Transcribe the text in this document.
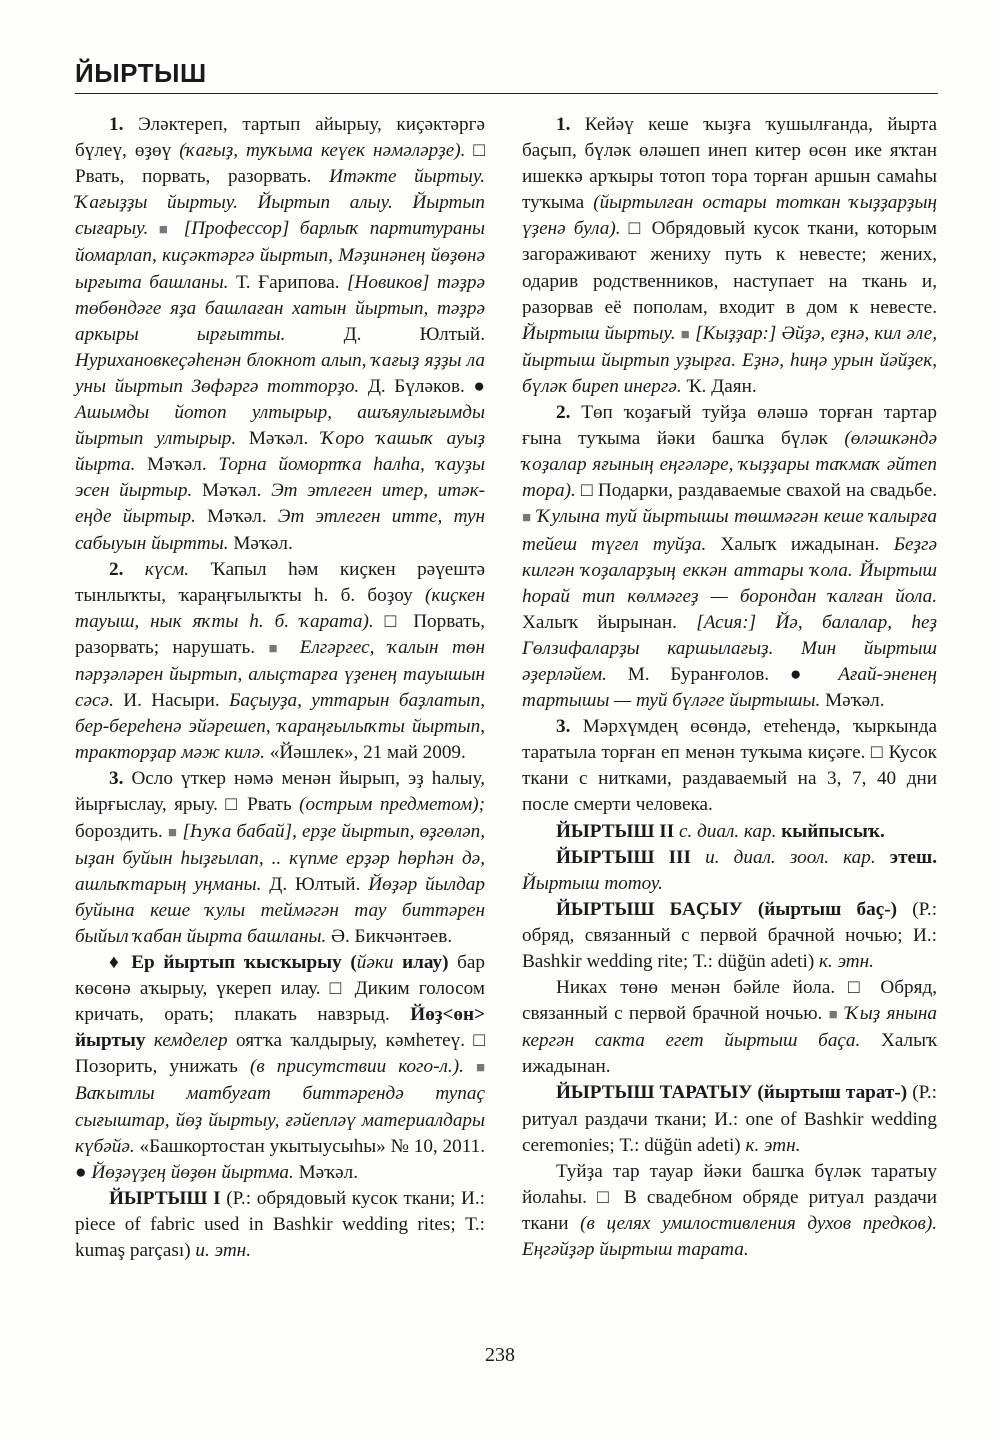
ЙЫРТЫШ

1. Эләктереп, тартып айырыу, киҫәктәргә бүлеү, өҙөү (ҡағыҙ, туҡыма кеүек нәмәләрҙе). □ Рвать, порвать, разорвать. Итәкте йыртыу. Ҡағыҙҙы йыртыу. Йыртып алыу. Йыртып сығарыу. ■ [Профессор] барлыҡ партитураны йомарлап, киҫәктәргә йыртып, Мәҙинәнең йөҙөнә ырғыта башланы. Т. Ғарипова. [Новиков] тәҙрә төбөндәге яҙа башлаған хатын йыртып, тәҙрә аркыры ырғытты.	Д. Юлтый. Нурихановкеҫәһенән блокнот алып, ҡағыҙ яҙҙы ла уны йыртып Зөфәргә тотторҙо. Д. Бүләков. ● Ашымды йотоп ултырыр, ашъяулығымды йыртып ултырыр. Мәҡәл. Ҡоро ҡашыҡ ауыҙ йырта. Мәҡәл. Торна йомортҡа һалһа, ҡауҙы эсен йыртыр. Мәҡәл. Эт этлеген итер, итәк-еңде йыртыр. Мәҡәл. Эт этлеген итте, тун сабыуын йыртты. Мәҡәл.

2. күсм. Ҡапыл һәм киҫкен рәүештә тынлыҡты, ҡараңғылыҡты һ. б. боҙоу (киҫкен тауыш, нык яҡты һ. б. ҡарата). □ Порвать, разорвать; нарушать. ■ Елгәргес, ҡалын төн пәрҙәләрен йыртып, алыҫтарға үҙенең тауышын сәсә. И. Насыри. Баҫыуҙа, уттарын баҙлатып, бер-береһенә эйәрешеп, ҡараңғылыҡты йыртып, тракторҙар мәж килә. «Йәшлек», 21 май 2009.

3. Осло үткер нәмә менән йырып, эҙ һалыу, йырғыслау, ярыу. □ Рвать (острым предметом); бороздить. ■ [Һуҡа бабай], ерҙе йыртып, өҙгөләп, ыҙан буйын һыҙғылап, .. күпме ерҙәр һөрһән дә, ашлыҡтарың уңманы. Д. Юлтый. Йөҙәр йылдар буйына кеше ҡулы теймәгән тау биттәрен быйыл ҡабан йырта башланы. Ә. Бикчәнтәев.

♦ Ер йыртып ҡысҡырыу (йәки илау) бар көсөнә аҡырыу, үкереп илау. □ Диким голосом кричать, орать; плакать навзрыд. Йөҙ<өн> йыртыу кемделер оятҡа ҡалдырыу, кәмһетеү. □ Позорить, унижать (в присутствии кого-л.). ■ Ваҡытлы матбуғат биттәрендә тупаҫ сығыштар, йөҙ йыртыу, ғәйепләү материалдары күбәйә. «Башкортостан укытыусыһы» № 10, 2011. ● Йөҙәүҙең йөҙөн йыртма. Мәҡәл.

ЙЫРТЫШ I (Р.: обрядовый кусок ткани; И.: piece of fabric used in Bashkir wedding rites; Т.: kumaş parçası) и. этн.

1. Кейәү кеше ҡыҙға ҡушылғанда, йырта баҫып, бүләк өләшеп инеп китер өсөн ике яҡтан ишеккә арҡыры тотоп тора торған аршын самаһы туҡыма (йыртылған остары тоткан ҡыҙҙарҙың үҙенә була). □ Обрядовый кусок ткани, которым загораживают жениху путь к невесте; жених, одарив родственников, наступает на ткань и, разорвав её пополам, входит в дом к невесте. Йыртыш йыртыу. ■ [Кыҙҙар:] Әйҙә, еҙнә, кил әле, йыртыш йыртып уҙырға. Еҙнә, һиңә урын йәйҙек, бүләк биреп инергә. Ҡ. Даян.

2. Төп ҡоҙағый туйҙа өләшә торған тартар ғына туҡыма йәки башҡа бүләк (өләшкәндә ҡоҙалар яғының еңгәләре, ҡыҙҙары таҡмаҡ әйтеп тора). □ Подарки, раздаваемые свахой на свадьбе. ■ Ҡулына туй йыртышы төшмәгән кеше ҡалырға тейеш түгел туйҙа. Халыҡ ижадынан. Беҙгә килгән ҡоҙаларҙың еккән аттары ҡола. Йыртыш һорай тип көлмәгеҙ — борондан ҡалған йола. Халыҡ йырынан. [Асия:] Йә, балалар, һеҙ Гөлзифаларҙы каршылағыҙ. Мин йыртыш әҙерләйем. М. Буранғолов. ● Ағай-эненең тартышы — туй бүләге йыртышы. Мәҡәл.

3. Мәрхүмдең өсөндә, етеһендә, ҡыркында таратыла торған еп менән туҡыма киҫәге. □ Кусок ткани с нитками, раздаваемый на 3, 7, 40 дни после смерти человека.

ЙЫРТЫШ II с. диал. кар. кыйпысыҡ.

ЙЫРТЫШ III и. диал. зоол. кар. этеш. Йыртыш тотоу.

ЙЫРТЫШ БАҪЫУ (йыртыш баҫ-) (Р.: обряд, связанный с первой брачной ночью; И.: Bashkir wedding rite; Т.: düğün adeti) к. этн.

Никах төнө менән бәйле йола. □ Обряд, связанный с первой брачной ночью. ■ Ҡыҙ янына кергән сакта егет йыртыш баҫа. Халыҡ ижадынан.

ЙЫРТЫШ ТАРАТЫУ (йыртыш тарат-) (Р.: ритуал раздачи ткани; И.: one of Bashkir wedding ceremonies; Т.: düğün adeti) к. этн.

Туйҙа тар тауар йәки башҡа бүләк таратыу йолаһы. □ В свадебном обряде ритуал раздачи ткани (в целях умилостивления духов предков). Еңгәйҙәр йыртыш тарата.

238
